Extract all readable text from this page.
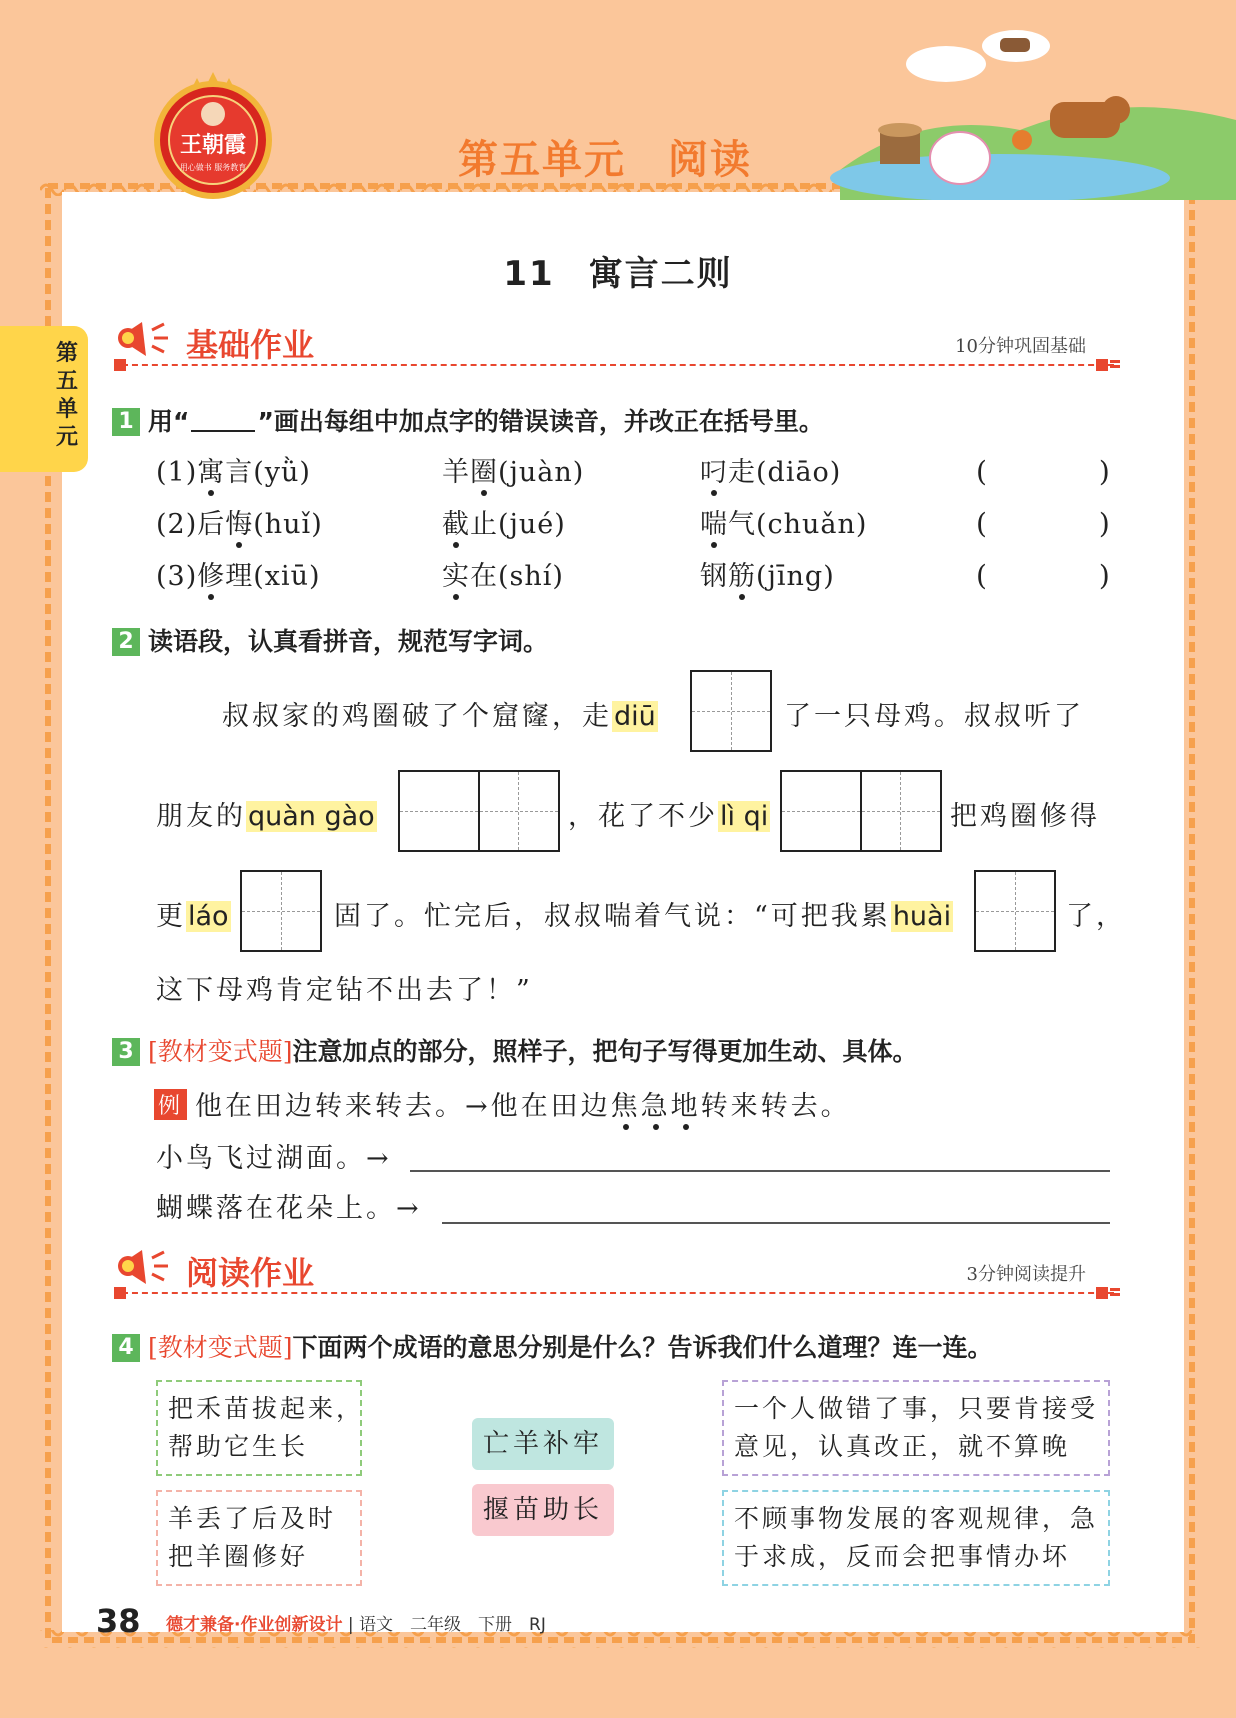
王朝霞
用心做书 服务教育	第五单元　阅读
第五单元
11 寓言二则
基础作业	10分钟巩固基础
1 用“	”画出每组中加点字的错误读音，并改正在括号里。
(1)寓言(yǜ)	羊圈(juàn)	叼走(diāo)	(　　　　)
(2)后悔(huǐ)	截止(jué)	喘气(chuǎn)	(　　　　)
(3)修理(xiū)	实在(shí)	钢筋(jīng)	(　　　　)
2 读语段，认真看拼音，规范写字词。
叔叔家的鸡圈破了个窟窿，走diū	了一只母鸡。叔叔听了
朋友的quàn gào	，花了不少lì qi	把鸡圈修得
更láo	固了。忙完后，叔叔喘着气说：“可把我累huài	了，
这下母鸡肯定钻不出去了！”
3 [教材变式题]注意加点的部分，照样子，把句子写得更加生动、具体。
例 他在田边转来转去。→他在田边焦急地转来转去。
小鸟飞过湖面。→
蝴蝶落在花朵上。→
阅读作业	3分钟阅读提升
4 [教材变式题]下面两个成语的意思分别是什么？告诉我们什么道理？连一连。
把禾苗拔起来，
帮助它生长
羊丢了后及时
把羊圈修好
亡羊补牢
揠苗助长
一个人做错了事，只要肯接受
意见，认真改正，就不算晚
不顾事物发展的客观规律，急
于求成，反而会把事情办坏
38 德才兼备·作业创新设计 | 语文　二年级　下册　RJ
